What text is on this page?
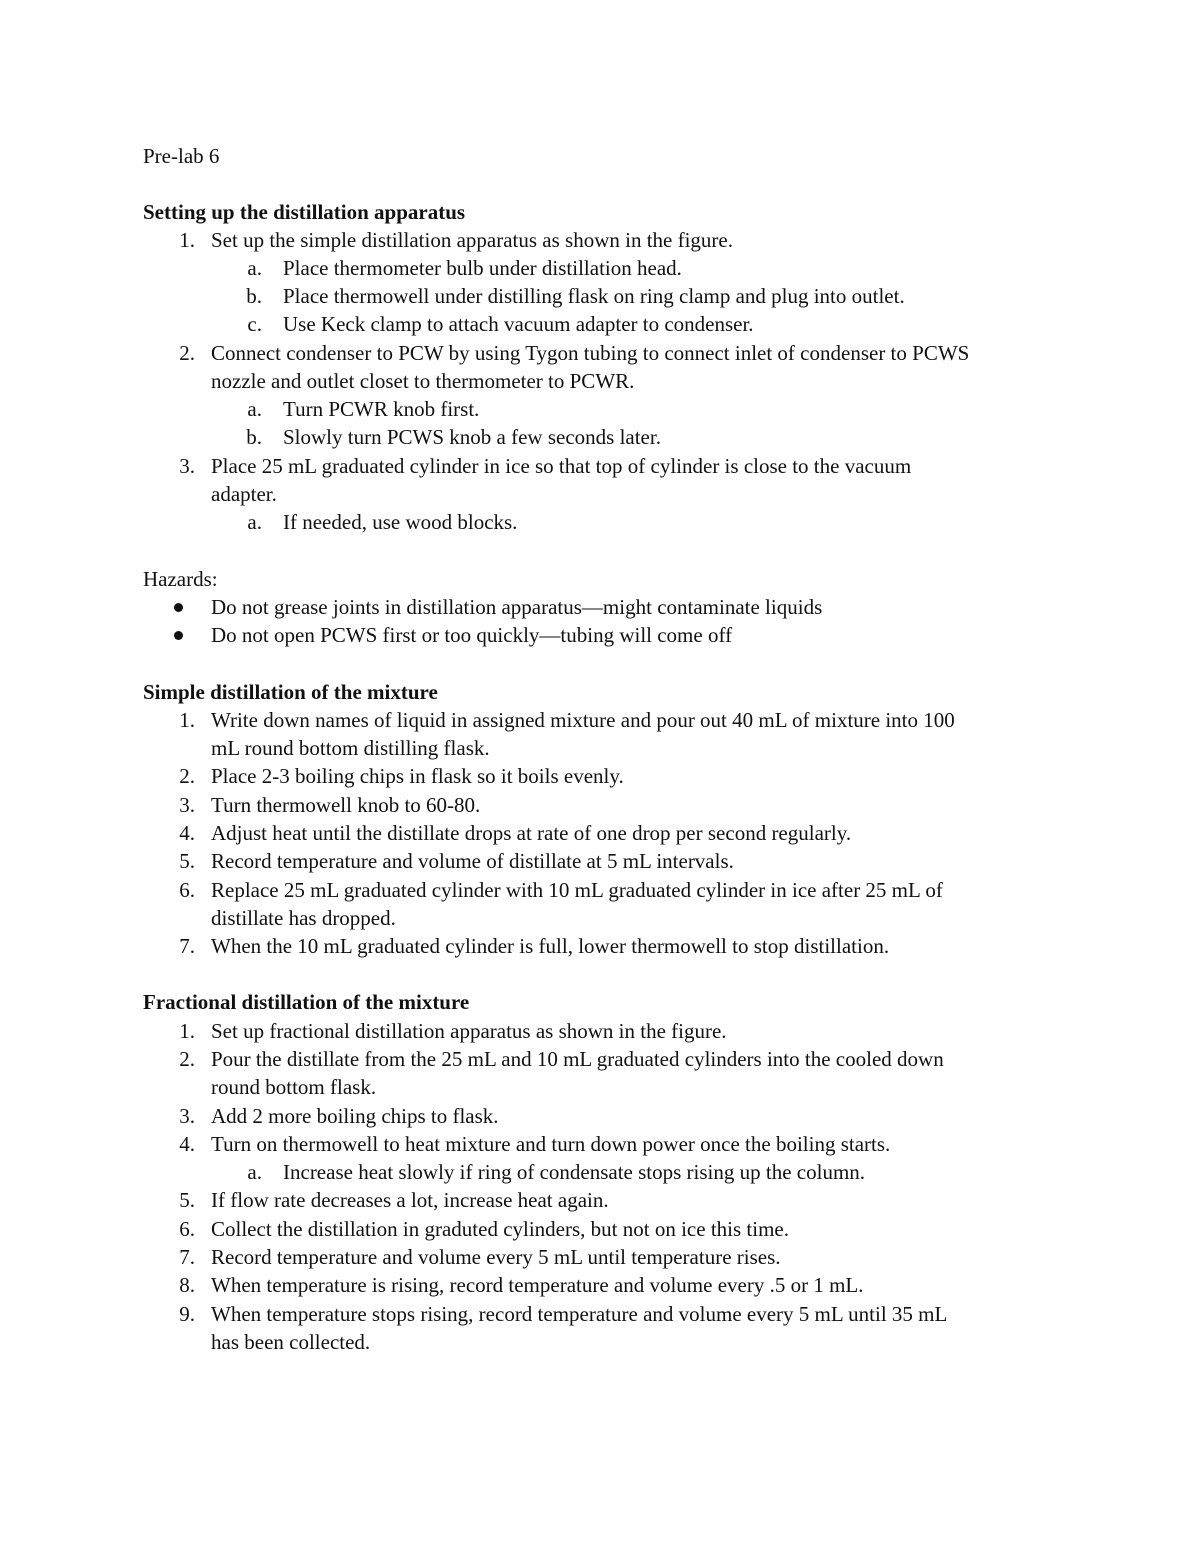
Pre-lab 6
Setting up the distillation apparatus
1. Set up the simple distillation apparatus as shown in the figure.
a. Place thermometer bulb under distillation head.
b. Place thermowell under distilling flask on ring clamp and plug into outlet.
c. Use Keck clamp to attach vacuum adapter to condenser.
2. Connect condenser to PCW by using Tygon tubing to connect inlet of condenser to PCWS
nozzle and outlet closet to thermometer to PCWR.
a. Turn PCWR knob first.
b. Slowly turn PCWS knob a few seconds later.
3. Place 25 mL graduated cylinder in ice so that top of cylinder is close to the vacuum
adapter.
a. If needed, use wood blocks.
Hazards:
Do not grease joints in distillation apparatus—might contaminate liquids
Do not open PCWS first or too quickly—tubing will come off
Simple distillation of the mixture
1. Write down names of liquid in assigned mixture and pour out 40 mL of mixture into 100
mL round bottom distilling flask.
2. Place 2-3 boiling chips in flask so it boils evenly.
3. Turn thermowell knob to 60-80.
4. Adjust heat until the distillate drops at rate of one drop per second regularly.
5. Record temperature and volume of distillate at 5 mL intervals.
6. Replace 25 mL graduated cylinder with 10 mL graduated cylinder in ice after 25 mL of
distillate has dropped.
7. When the 10 mL graduated cylinder is full, lower thermowell to stop distillation.
Fractional distillation of the mixture
1. Set up fractional distillation apparatus as shown in the figure.
2. Pour the distillate from the 25 mL and 10 mL graduated cylinders into the cooled down
round bottom flask.
3. Add 2 more boiling chips to flask.
4. Turn on thermowell to heat mixture and turn down power once the boiling starts.
a. Increase heat slowly if ring of condensate stops rising up the column.
5. If flow rate decreases a lot, increase heat again.
6. Collect the distillation in graduted cylinders, but not on ice this time.
7. Record temperature and volume every 5 mL until temperature rises.
8. When temperature is rising, record temperature and volume every .5 or 1 mL.
9. When temperature stops rising, record temperature and volume every 5 mL until 35 mL
has been collected.
